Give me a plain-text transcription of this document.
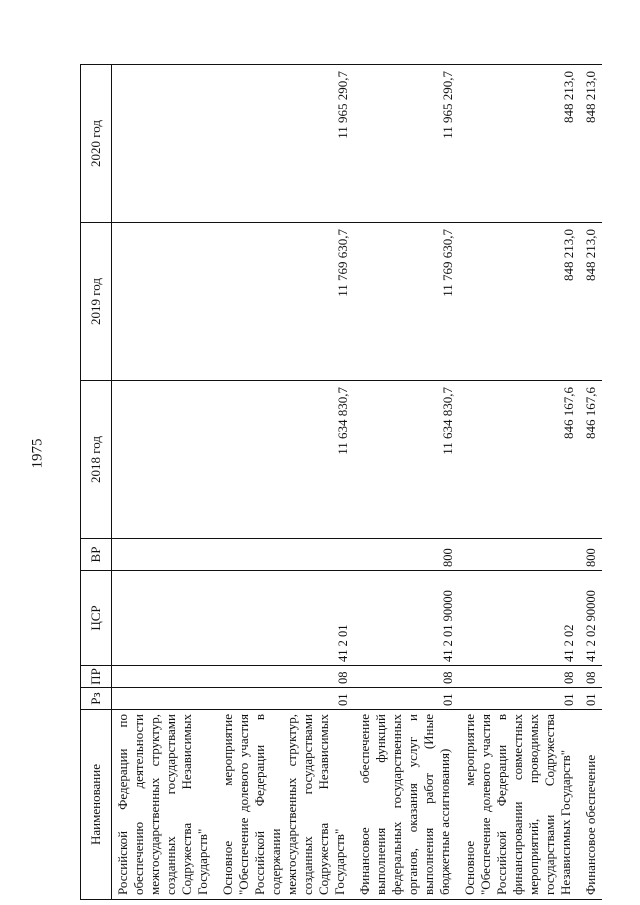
1975
Наименование	Рз	ПР	ЦСР	ВР	2018 год	2019 год	2020 год
Российской Федерации по обеспечению деятельности межгосударственных структур, созданных государствами Содружества Независимых Государств"							
Основное мероприятие "Обеспечение долевого участия Российской Федерации в содержании межгосударственных структур, созданных государствами Содружества Независимых Государств"	01	08	41 2 01		11 634 830,7	11 769 630,7	11 965 290,7
Финансовое обеспечение выполнения функций федеральных государственных органов, оказания услуг и выполнения работ (Иные бюджетные ассигнования)	01	08	41 2 01 90000	800	11 634 830,7	11 769 630,7	11 965 290,7
Основное мероприятие "Обеспечение долевого участия Российской Федерации в финансировании совместных мероприятий, проводимых государствами Содружества Независимых Государств"	01	08	41 2 02		846 167,6	848 213,0	848 213,0
Финансовое обеспечение	01	08	41 2 02 90000	800	846 167,6	848 213,0	848 213,0
